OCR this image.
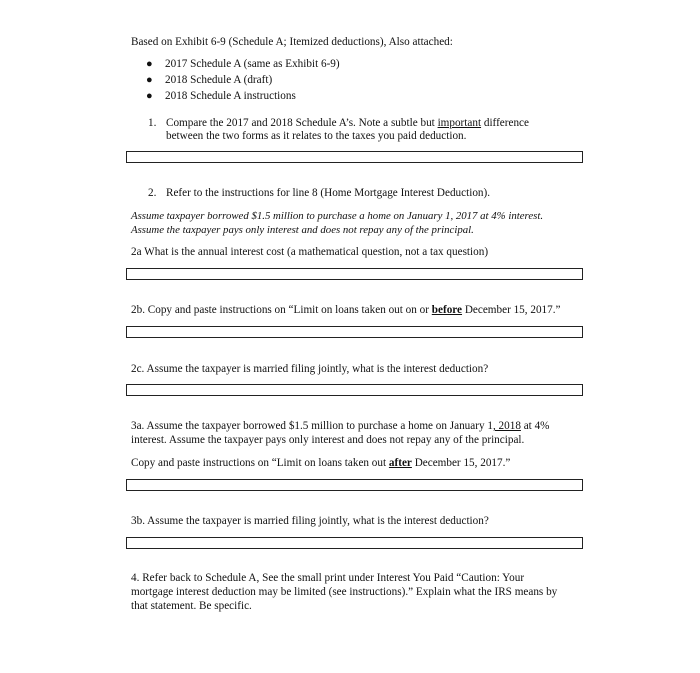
Based on Exhibit 6-9 (Schedule A; Itemized deductions), Also attached:
● 2017 Schedule A (same as Exhibit 6-9)
● 2018 Schedule A (draft)
● 2018 Schedule A instructions
1. Compare the 2017 and 2018 Schedule A’s. Note a subtle but important difference
between the two forms as it relates to the taxes you paid deduction.
2. Refer to the instructions for line 8 (Home Mortgage Interest Deduction).
Assume taxpayer borrowed $1.5 million to purchase a home on January 1, 2017 at 4% interest.
Assume the taxpayer pays only interest and does not repay any of the principal.
2a What is the annual interest cost (a mathematical question, not a tax question)
2b. Copy and paste instructions on “Limit on loans taken out on or before December 15, 2017.”
2c. Assume the taxpayer is married filing jointly, what is the interest deduction?
3a. Assume the taxpayer borrowed $1.5 million to purchase a home on January 1, 2018 at 4%
interest. Assume the taxpayer pays only interest and does not repay any of the principal.
Copy and paste instructions on “Limit on loans taken out after December 15, 2017.”
3b. Assume the taxpayer is married filing jointly, what is the interest deduction?
4. Refer back to Schedule A, See the small print under Interest You Paid “Caution: Your
mortgage interest deduction may be limited (see instructions).” Explain what the IRS means by
that statement. Be specific.
